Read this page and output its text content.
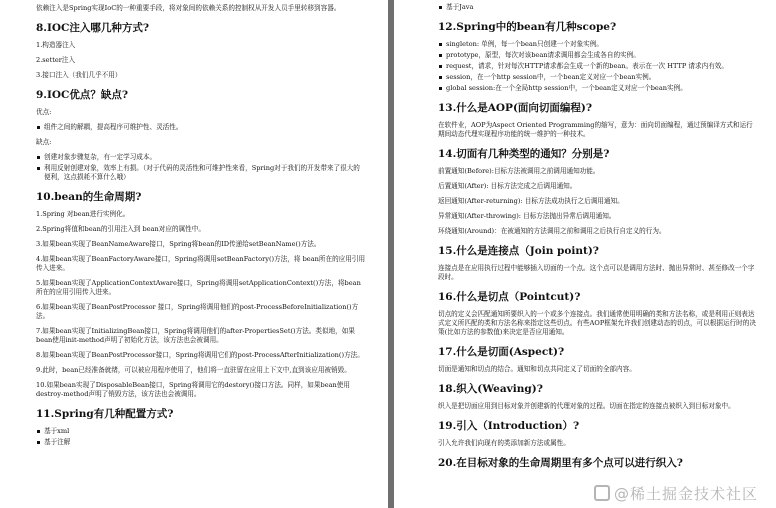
依赖注入是Spring实现IoC的一种重要手段，将对象间的依赖关系的控制权从开发人员手里转移到容器。

8.IOC注入哪几种方式?

1.构造器注入

2.setter注入

3.接口注入（我们几乎不用）

9.IOC优点？缺点?

优点:

组件之间的解耦，提高程序可维护性、灵活性。

缺点:

创建对象步骤复杂，有一定学习成本。
利用反射创建对象，效率上有损。（对于代码的灵活性和可维护性来看，Spring对于我们的开发带来了很大的便利，这点损耗不算什么哦）

10.bean的生命周期?

1.Spring 对bean进行实例化。

2.Spring将值和bean的引用注入到 bean对应的属性中。

3.如果bean实现了BeanNameAware接口，Spring将bean的ID传递给setBeanName()方法。

4.如果bean实现了BeanFactoryAware接口，Spring将调用setBeanFactory()方法，将 bean所在的应用引用传入进来。

5.如果bean实现了ApplicationContextAware接口，Spring将调用setApplicationContext()方法，将bean所在的应用引用传入进来。

6.如果bean实现了BeanPostProcessor 接口，Spring将调用他们的post-ProcessBeforeInitialization()方法。

7.如果bean实现了InitializingBean接口，Spring将调用他们的after-PropertiesSet()方法。类似地，如果bean使用init-method声明了初始化方法，该方法也会被调用。

8.如果bean实现了BeanPostProcessor接口，Spring将调用它们的post-ProcessAfterInitialization()方法。

9.此时，bean已经准备就绪，可以被应用程序使用了，他们将一直驻留在应用上下文中,直到该应用被销毁。

10.如果bean实现了DisposableBean接口，Spring将调用它的destory()接口方法。同样，如果bean使用destroy-method声明了销毁方法，该方法也会被调用。

11.Spring有几种配置方式?

基于xml
基于注解
基于Java

12.Spring中的bean有几种scope?

singleton: 单例，每一个bean只创建一个对象实例。
prototype，原型，每次对该bean请求调用都会生成各自的实例。
request，请求，针对每次HTTP请求都会生成一个新的bean。表示在一次 HTTP 请求内有效。
session，在一个http session中，一个bean定义对应一个bean实例。
global session:在一个全局http session中，一个bean定义对应一个bean实例。

13.什么是AOP(面向切面编程)?

在软件业，AOP为Aspect Oriented Programming的缩写，意为：面向切面编程，通过预编译方式和运行期间动态代理实现程序功能的统一维护的一种技术。

14.切面有几种类型的通知？分别是?

前置通知(Before):目标方法被调用之前调用通知功能。

后置通知(After): 目标方法完成之后调用通知。

返回通知(After-returning): 目标方法成功执行之后调用通知。

异常通知(After-throwing): 目标方法抛出异常后调用通知。

环绕通知(Around)：在被通知的方法调用之前和调用之后执行自定义的行为。

15.什么是连接点（Join point)?

连接点是在应用执行过程中能够插入切面的一个点。这个点可以是调用方法时、抛出异常时、甚至修改一个字段时。

16.什么是切点（Pointcut)?

切点的定义会匹配通知所要织入的一个或多个连接点。我们通常使用明确的类和方法名称，或是利用正则表达式定义所匹配的类和方法名称来指定这些切点。有些AOP框架允许我们创建动态的切点，可以根据运行时的决策(比如方法的参数值)来决定是否应用通知。

17.什么是切面(Aspect)?

切面是通知和切点的结合。通知和切点共同定义了切面的全部内容。

18.织入(Weaving)?

织入是把切面应用到目标对象并创建新的代理对象的过程。切面在指定的连接点被织入到目标对象中。

19.引入（Introduction）?

引入允许我们向现有的类添加新方法或属性。

20.在目标对象的生命周期里有多个点可以进行织入?

@稀土掘金技术社区
